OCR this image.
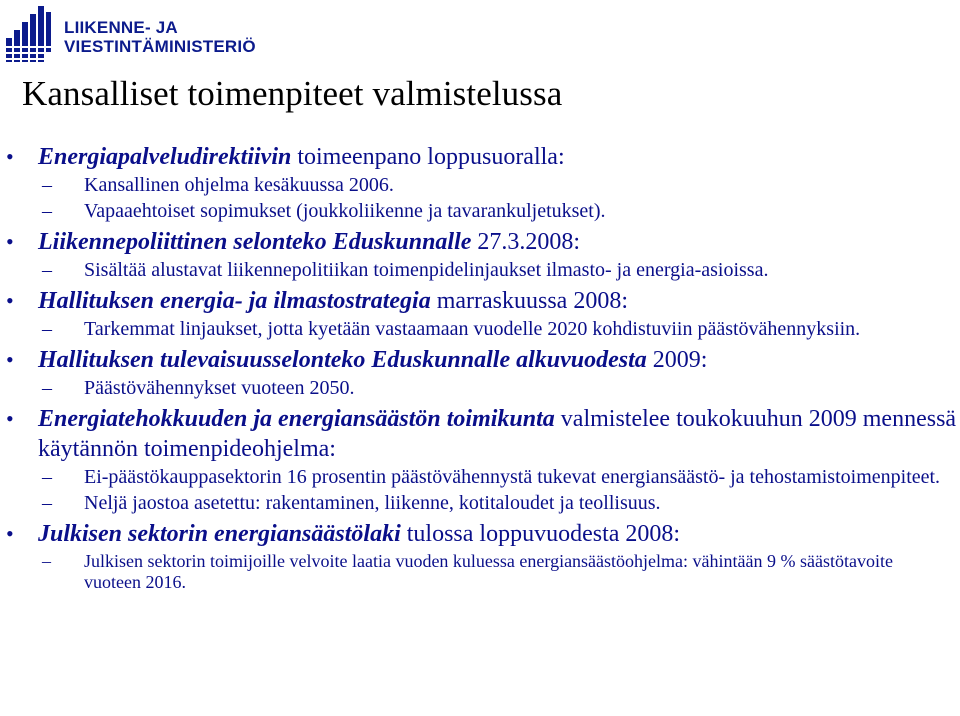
LIIKENNE- JA
VIESTINTÄMINISTERIÖ
Kansalliset toimenpiteet valmistelussa
• Energiapalveludirektiivin toimeenpano loppusuoralla:
– Kansallinen ohjelma kesäkuussa 2006.
– Vapaaehtoiset sopimukset (joukkoliikenne ja tavarankuljetukset).
• Liikennepoliittinen selonteko Eduskunnalle 27.3.2008:
– Sisältää alustavat liikennepolitiikan toimenpidelinjaukset ilmasto- ja energia-asioissa.
• Hallituksen energia- ja ilmastostrategia marraskuussa 2008:
– Tarkemmat linjaukset, jotta kyetään vastaamaan vuodelle 2020 kohdistuviin päästövähennyksiin.
• Hallituksen tulevaisuusselonteko Eduskunnalle alkuvuodesta 2009:
– Päästövähennykset vuoteen 2050.
• Energiatehokkuuden ja energiansäästön toimikunta valmistelee toukokuuhun 2009 mennessä käytännön toimenpideohjelma:
– Ei-päästökauppasektorin 16 prosentin päästövähennystä tukevat energiansäästö- ja tehostamistoimenpiteet.
– Neljä jaostoa asetettu: rakentaminen, liikenne, kotitaloudet ja teollisuus.
• Julkisen sektorin energiansäästölaki tulossa loppuvuodesta 2008:
– Julkisen sektorin toimijoille velvoite laatia vuoden kuluessa energiansäästöohjelma: vähintään 9 % säästötavoite vuoteen 2016.
